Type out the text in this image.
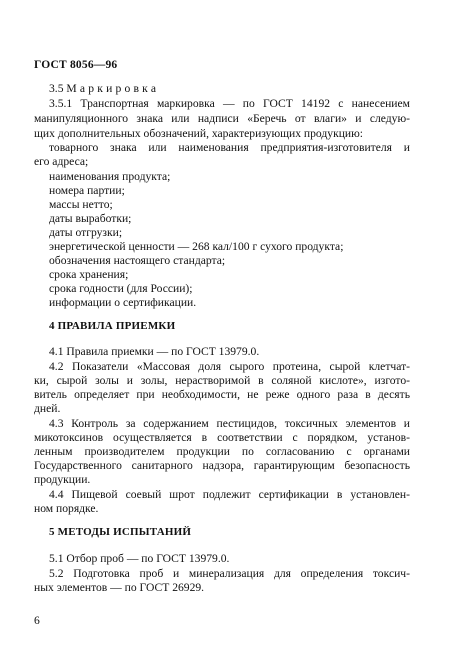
ГОСТ 8056—96
3.5 Маркировка
3.5.1 Транспортная маркировка — по ГОСТ 14192 с нанесением
манипуляционного знака или надписи «Беречь от влаги» и следую-
щих дополнительных обозначений, характеризующих продукцию:
товарного знака или наименования предприятия-изготовителя и
его адреса;
наименования продукта;
номера партии;
массы нетто;
даты выработки;
даты отгрузки;
энергетической ценности — 268 кал/100 г сухого продукта;
обозначения настоящего стандарта;
срока хранения;
срока годности (для России);
информации о сертификации.
4 ПРАВИЛА ПРИЕМКИ
4.1 Правила приемки — по ГОСТ 13979.0.
4.2 Показатели «Массовая доля сырого протеина, сырой клетчат-
ки, сырой золы и золы, нерастворимой в соляной кислоте», изгото-
витель определяет при необходимости, не реже одного раза в десять
дней.
4.3 Контроль за содержанием пестицидов, токсичных элементов и
микотоксинов осуществляется в соответствии с порядком, установ-
ленным производителем продукции по согласованию с органами
Государственного санитарного надзора, гарантирующим безопасность
продукции.
4.4 Пищевой соевый шрот подлежит сертификации в установлен-
ном порядке.
5 МЕТОДЫ ИСПЫТАНИЙ
5.1 Отбор проб — по ГОСТ 13979.0.
5.2 Подготовка проб и минерализация для определения токсич-
ных элементов — по ГОСТ 26929.
6
